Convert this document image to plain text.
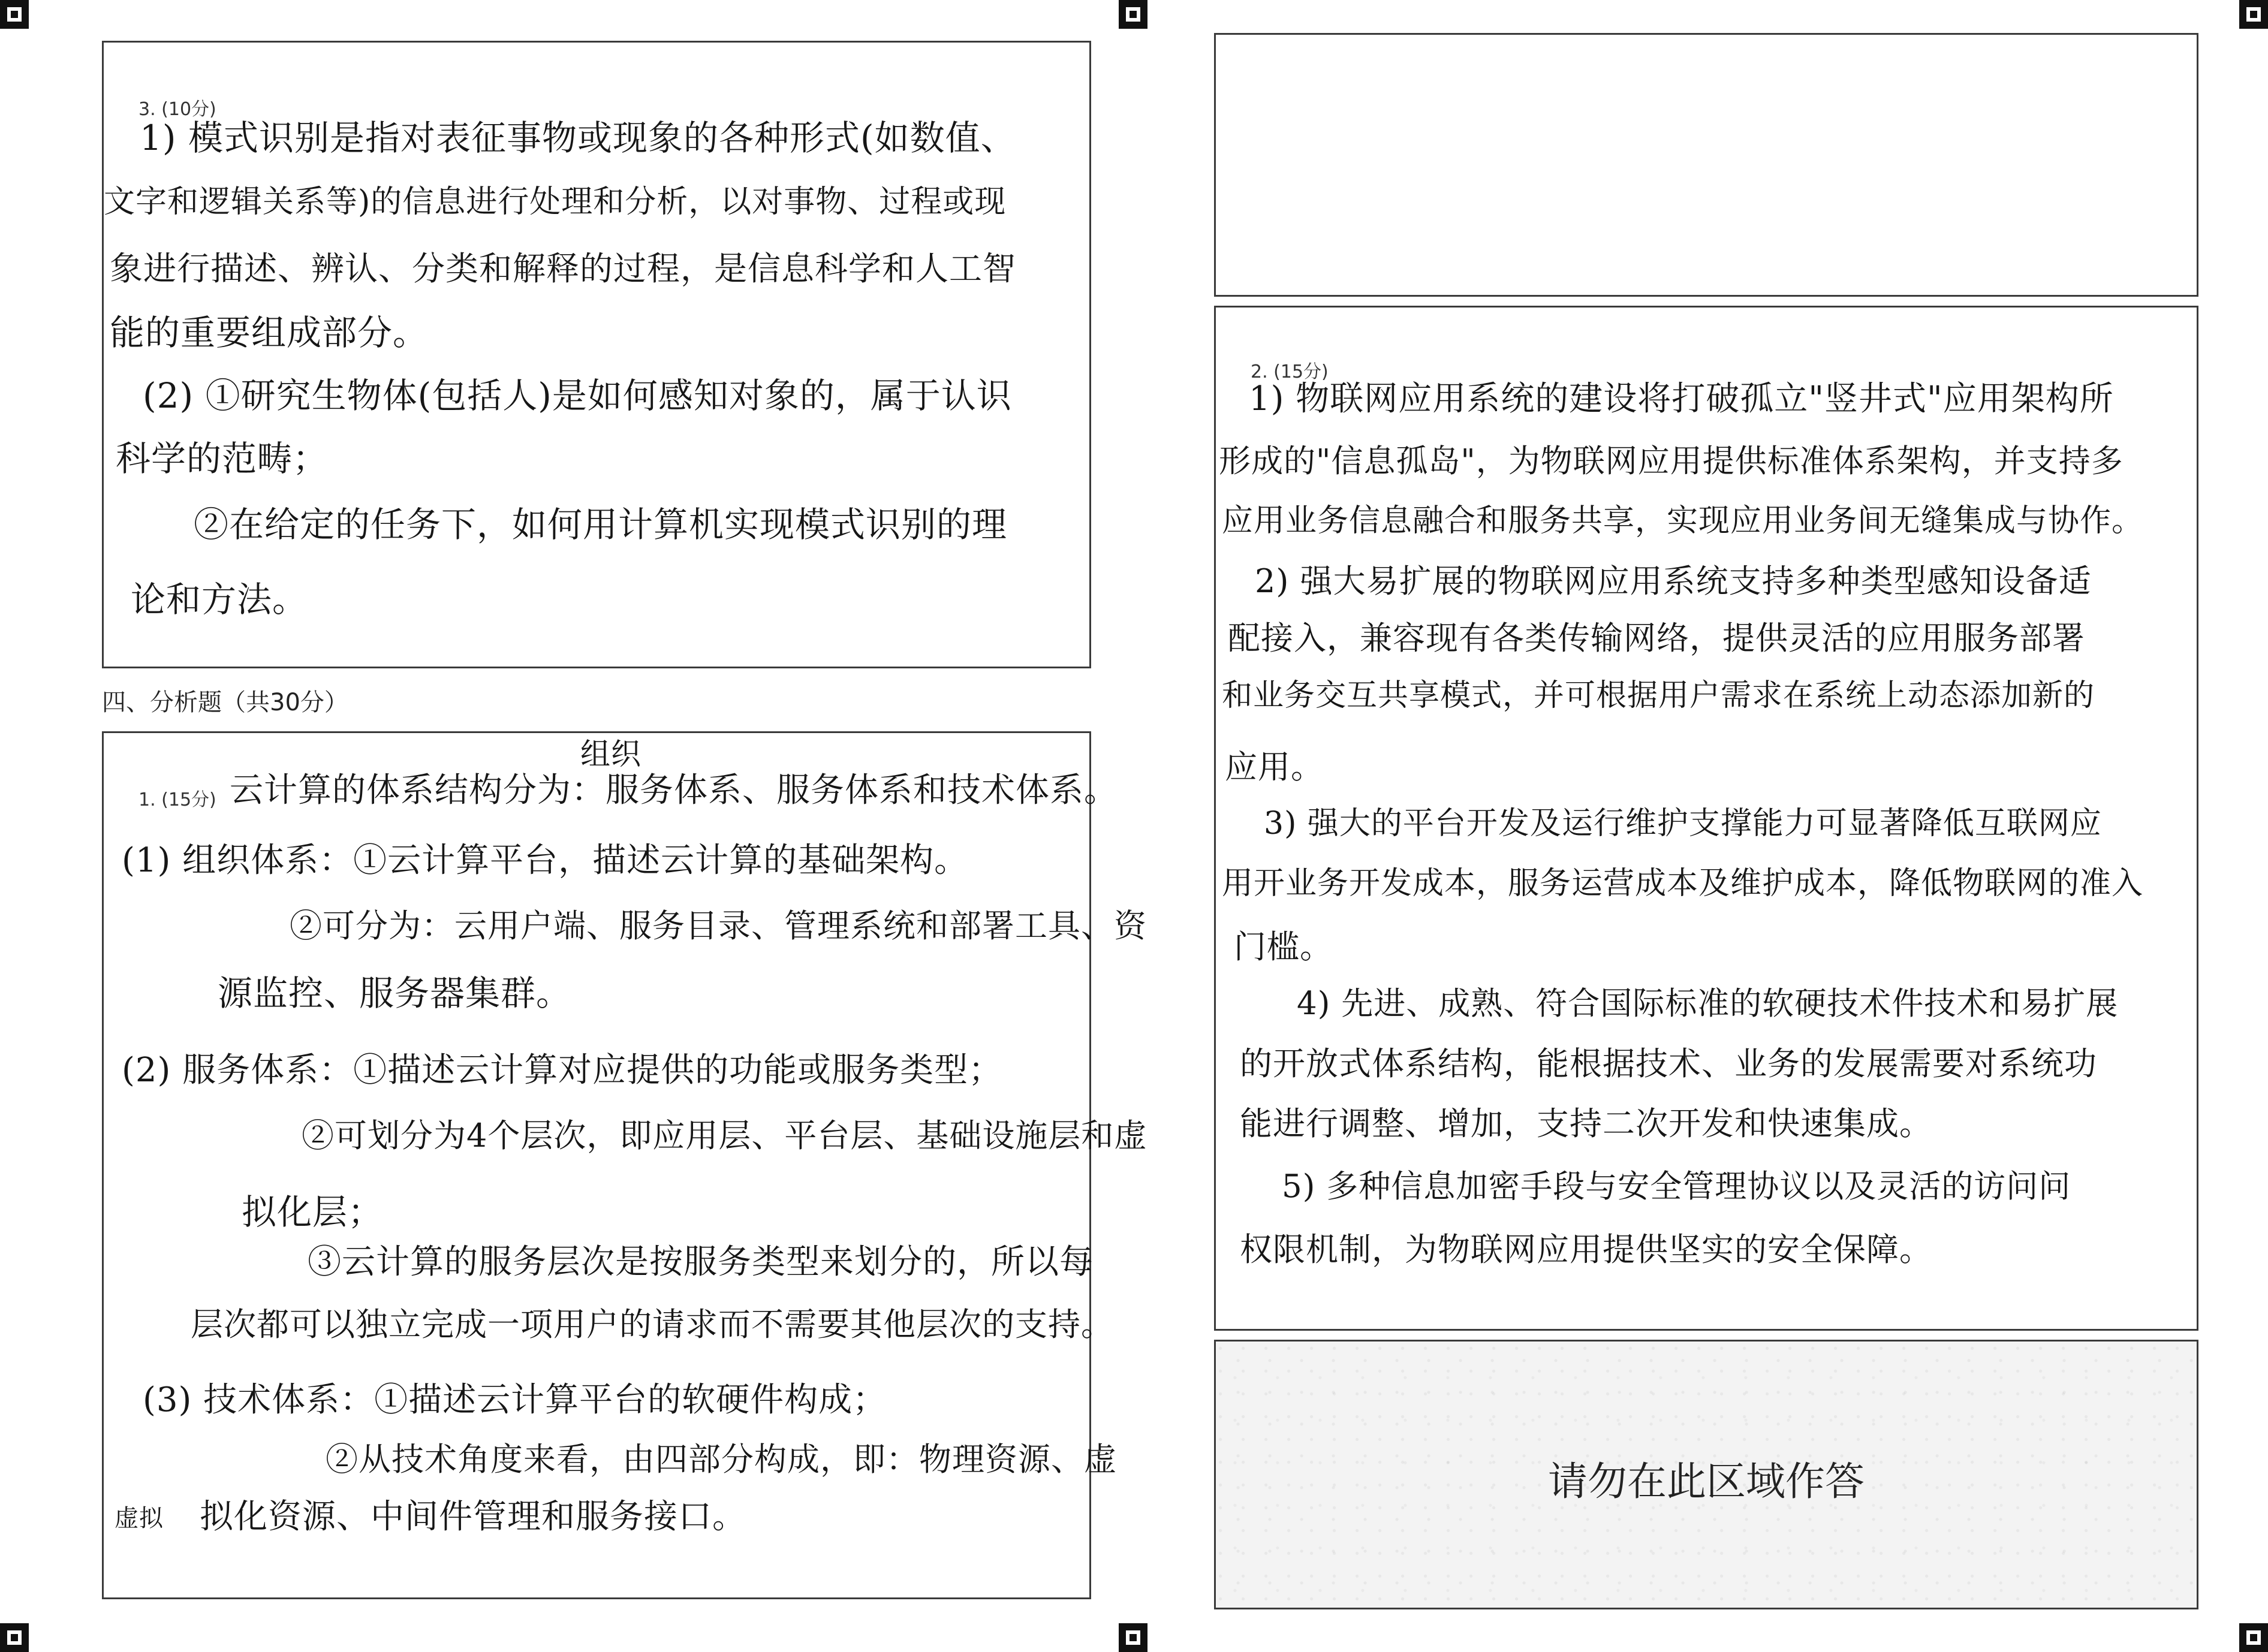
3. (10分)
1) 模式识别是指对表征事物或现象的各种形式(如数值、
文字和逻辑关系等)的信息进行处理和分析，以对事物、过程或现
象进行描述、辨认、分类和解释的过程，是信息科学和人工智
能的重要组成部分。
(2) ①研究生物体(包括人)是如何感知对象的，属于认识
科学的范畴；
②在给定的任务下，如何用计算机实现模式识别的理
论和方法。
四、分析题（共30分）
组织
1. (15分) 云计算的体系结构分为：服务体系、服务体系和技术体系。
(1) 组织体系：①云计算平台，描述云计算的基础架构。
②可分为：云用户端、服务目录、管理系统和部署工具、资
源监控、服务器集群。
(2) 服务体系：①描述云计算对应提供的功能或服务类型；
②可划分为4个层次，即应用层、平台层、基础设施层和虚
拟化层；
③云计算的服务层次是按服务类型来划分的，所以每
层次都可以独立完成一项用户的请求而不需要其他层次的支持。
(3) 技术体系：①描述云计算平台的软硬件构成；
②从技术角度来看，由四部分构成，即：物理资源、虚
虚拟 拟化资源、中间件管理和服务接口。
2. (15分)
1) 物联网应用系统的建设将打破孤立"竖井式"应用架构所
形成的"信息孤岛"，为物联网应用提供标准体系架构，并支持多
应用业务信息融合和服务共享，实现应用业务间无缝集成与协作。
2) 强大易扩展的物联网应用系统支持多种类型感知设备适
配接入，兼容现有各类传输网络，提供灵活的应用服务部署
和业务交互共享模式，并可根据用户需求在系统上动态添加新的
应用。
3) 强大的平台开发及运行维护支撑能力可显著降低互联网应
用开业务开发成本，服务运营成本及维护成本，降低物联网的准入
门槛。
4) 先进、成熟、符合国际标准的软硬技术件技术和易扩展
的开放式体系结构，能根据技术、业务的发展需要对系统功
能进行调整、增加，支持二次开发和快速集成。
5) 多种信息加密手段与安全管理协议以及灵活的访问问
权限机制，为物联网应用提供坚实的安全保障。
请勿在此区域作答
